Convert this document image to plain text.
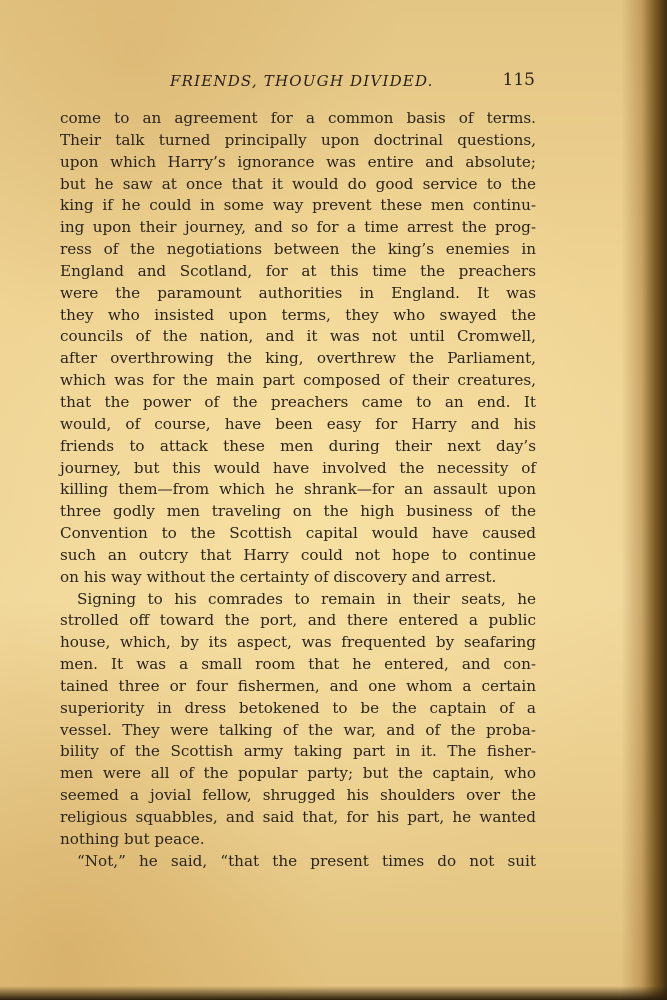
FRIENDS, THOUGH DIVIDED.	115
come to an agreement for a common basis of terms.
Their talk turned principally upon doctrinal questions,
upon which Harry’s ignorance was entire and absolute;
but he saw at once that it would do good service to the
king if he could in some way prevent these men continu-
ing upon their journey, and so for a time arrest the prog-
ress of the negotiations between the king’s enemies in
England and Scotland, for at this time the preachers
were the paramount authorities in England. It was
they who insisted upon terms, they who swayed the
councils of the nation, and it was not until Cromwell,
after overthrowing the king, overthrew the Parliament,
which was for the main part composed of their creatures,
that the power of the preachers came to an end. It
would, of course, have been easy for Harry and his
friends to attack these men during their next day’s
journey, but this would have involved the necessity of
killing them—from which he shrank—for an assault upon
three godly men traveling on the high business of the
Convention to the Scottish capital would have caused
such an outcry that Harry could not hope to continue
on his way without the certainty of discovery and arrest.
Signing to his comrades to remain in their seats, he
strolled off toward the port, and there entered a public
house, which, by its aspect, was frequented by seafaring
men. It was a small room that he entered, and con-
tained three or four fishermen, and one whom a certain
superiority in dress betokened to be the captain of a
vessel. They were talking of the war, and of the proba-
bility of the Scottish army taking part in it. The fisher-
men were all of the popular party; but the captain, who
seemed a jovial fellow, shrugged his shoulders over the
religious squabbles, and said that, for his part, he wanted
nothing but peace.
“Not,” he said, “that the present times do not suit
